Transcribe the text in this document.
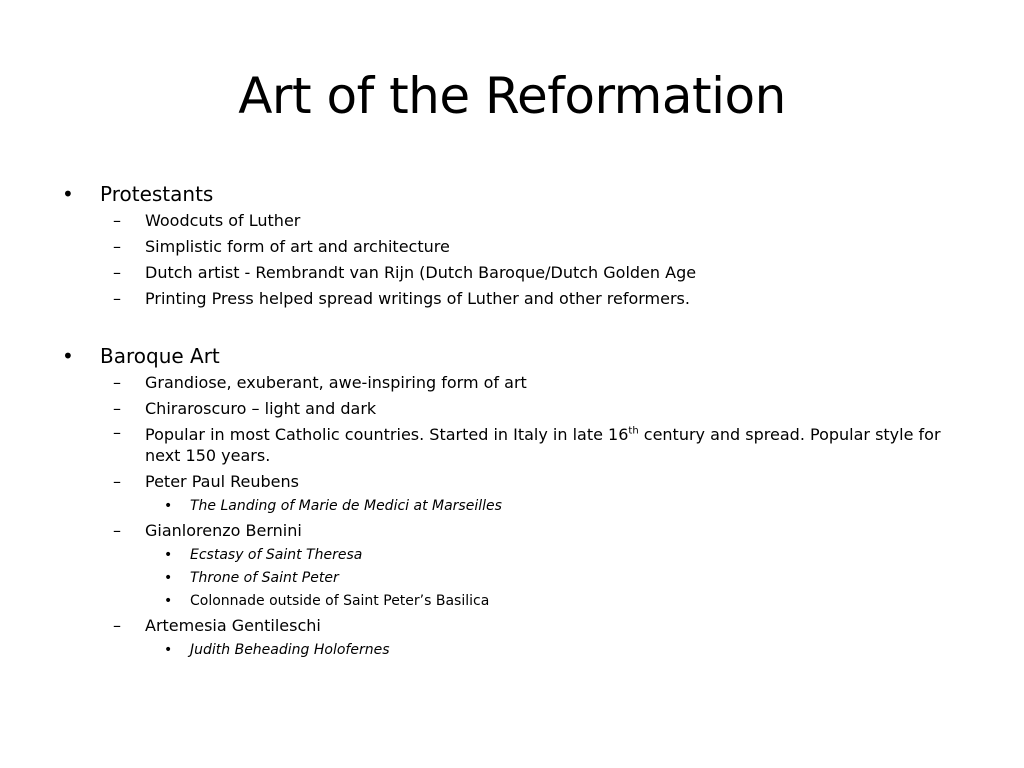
Art of the Reformation

• Protestants

– Woodcuts of Luther

– Simplistic form of art and architecture

– Dutch artist - Rembrandt van Rijn (Dutch Baroque/Dutch Golden Age

– Printing Press helped spread writings of Luther and other reformers.

• Baroque Art

– Grandiose, exuberant, awe-inspiring form of art

– Chiraroscuro – light and dark

– Popular in most Catholic countries. Started in Italy in late 16th century and spread. Popular style for next 150 years.

– Peter Paul Reubens

• The Landing of Marie de Medici at Marseilles

– Gianlorenzo Bernini

• Ecstasy of Saint Theresa

• Throne of Saint Peter

• Colonnade outside of Saint Peter’s Basilica

– Artemesia Gentileschi

• Judith Beheading Holofernes
